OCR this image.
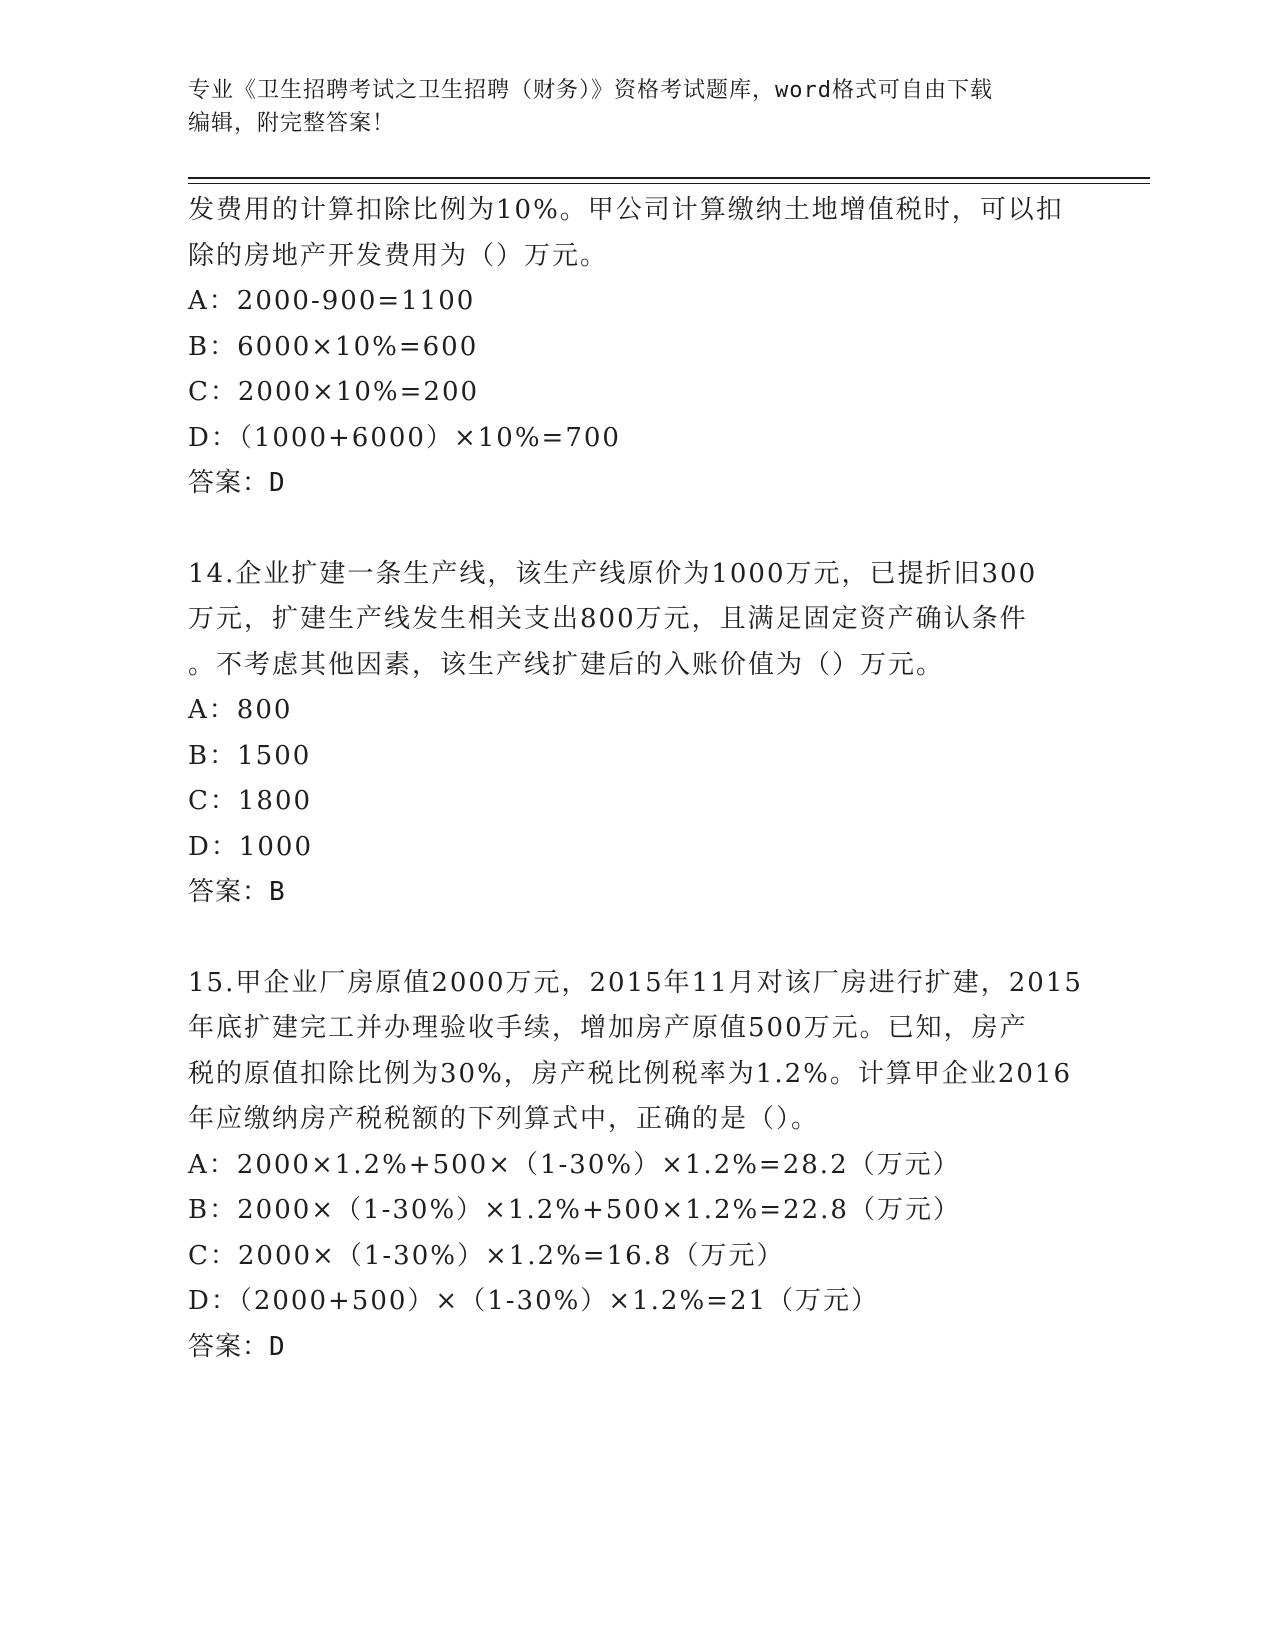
专业《卫生招聘考试之卫生招聘（财务）》资格考试题库，word格式可自由下载
编辑，附完整答案！
发费用的计算扣除比例为10%。甲公司计算缴纳土地增值税时，可以扣
除的房地产开发费用为（）万元。
A：2000-900=1100
B：6000×10%=600
C：2000×10%=200
D：（1000+6000）×10%=700
答案：D
14.企业扩建一条生产线，该生产线原价为1000万元，已提折旧300
万元，扩建生产线发生相关支出800万元，且满足固定资产确认条件
。不考虑其他因素，该生产线扩建后的入账价值为（）万元。
A：800
B：1500
C：1800
D：1000
答案：B
15.甲企业厂房原值2000万元，2015年11月对该厂房进行扩建，2015
年底扩建完工并办理验收手续，增加房产原值500万元。已知，房产
税的原值扣除比例为30%，房产税比例税率为1.2%。计算甲企业2016
年应缴纳房产税税额的下列算式中，正确的是（）。
A：2000×1.2%+500×（1-30%）×1.2%=28.2（万元）
B：2000×（1-30%）×1.2%+500×1.2%=22.8（万元）
C：2000×（1-30%）×1.2%=16.8（万元）
D：（2000+500）×（1-30%）×1.2%=21（万元）
答案：D
